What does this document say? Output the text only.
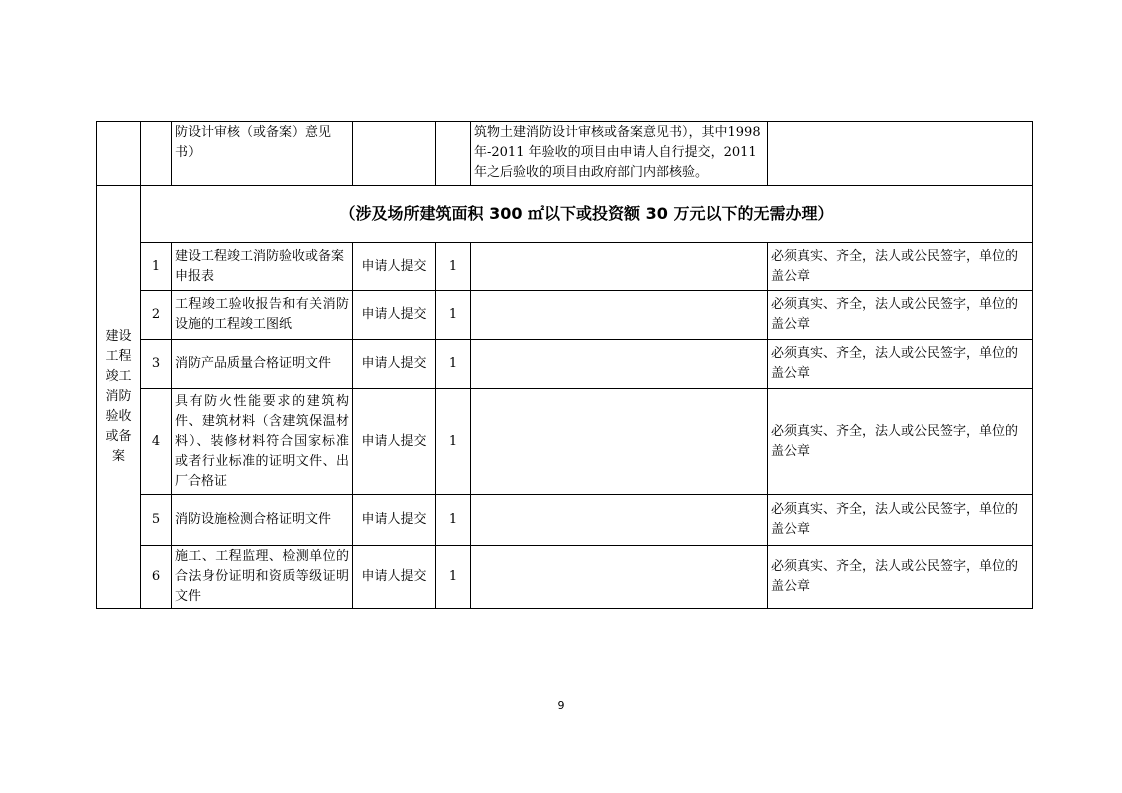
		防设计审核（或备案）意见书）			筑物土建消防设计审核或备案意见书），其中1998 年-2011 年验收的项目由申请人自行提交，2011 年之后验收的项目由政府部门内部核验。	
建设工程竣工消防验收或备案	（涉及场所建筑面积 300 ㎡以下或投资额 30 万元以下的无需办理）					
	1	建设工程竣工消防验收或备案申报表	申请人提交	1		必须真实、齐全，法人或公民签字，单位的盖公章
	2	工程竣工验收报告和有关消防设施的工程竣工图纸	申请人提交	1		必须真实、齐全，法人或公民签字，单位的盖公章
	3	消防产品质量合格证明文件	申请人提交	1		必须真实、齐全，法人或公民签字，单位的盖公章
	4	具有防火性能要求的建筑构件、建筑材料（含建筑保温材料）、装修材料符合国家标准或者行业标准的证明文件、出厂合格证	申请人提交	1		必须真实、齐全，法人或公民签字，单位的盖公章
	5	消防设施检测合格证明文件	申请人提交	1		必须真实、齐全，法人或公民签字，单位的盖公章
	6	施工、工程监理、检测单位的合法身份证明和资质等级证明文件	申请人提交	1		必须真实、齐全，法人或公民签字，单位的盖公章
9
